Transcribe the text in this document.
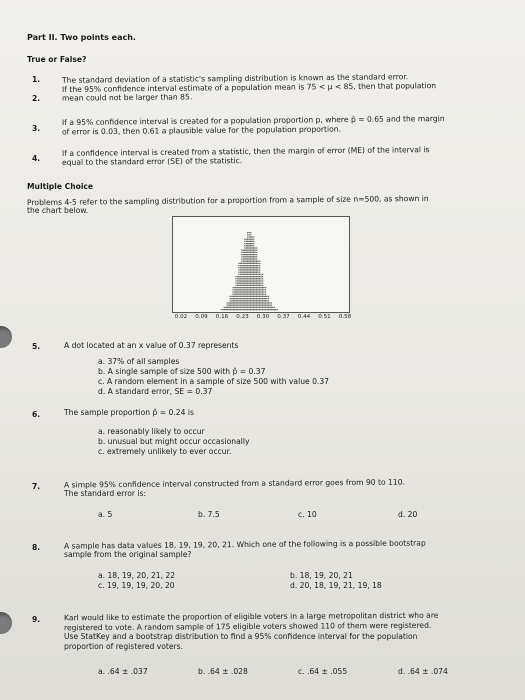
Part II. Two points each.
True or False?
1.	The standard deviation of a statistic's sampling distribution is known as the standard error.
2.
If the 95% confidence interval estimate of a population mean is 75 < μ < 85, then that population
mean could not be larger than 85.
3.
If a 95% confidence interval is created for a population proportion p, where p̂ = 0.65 and the margin
of error is 0.03, then 0.61 a plausible value for the population proportion.
4.
If a confidence interval is created from a statistic, then the margin of error (ME) of the interval is
equal to the standard error (SE) of the statistic.
Multiple Choice
Problems 4-5 refer to the sampling distribution for a proportion from a sample of size n=500, as shown in
the chart below.
0.02 0.09 0.16 0.23 0.30 0.37 0.44 0.51 0.58
5.	A dot located at an x value of 0.37 represents
a. 37% of all samples
b. A single sample of size 500 with p̂ = 0.37
c. A random element in a sample of size 500 with value 0.37
d. A standard error, SE = 0.37
6.	The sample proportion p̂ = 0.24 is
a. reasonably likely to occur
b. unusual but might occur occasionally
c. extremely unlikely to ever occur.
7.	A simple 95% confidence interval constructed from a standard error goes from 90 to 110.
The standard error is:
a. 5	b. 7.5	c. 10	d. 20
8.	A sample has data values 18, 19, 19, 20, 21. Which one of the following is a possible bootstrap
sample from the original sample?
a. 18, 19, 20, 21, 22	b. 18, 19, 20, 21
c. 19, 19, 19, 20, 20	d. 20, 18, 19, 21, 19, 18
9.	Karl would like to estimate the proportion of eligible voters in a large metropolitan district who are
registered to vote. A random sample of 175 eligible voters showed 110 of them were registered.
Use StatKey and a bootstrap distribution to find a 95% confidence interval for the population
proportion of registered voters.
a. .64 ± .037	b. .64 ± .028	c. .64 ± .055	d. .64 ± .074
